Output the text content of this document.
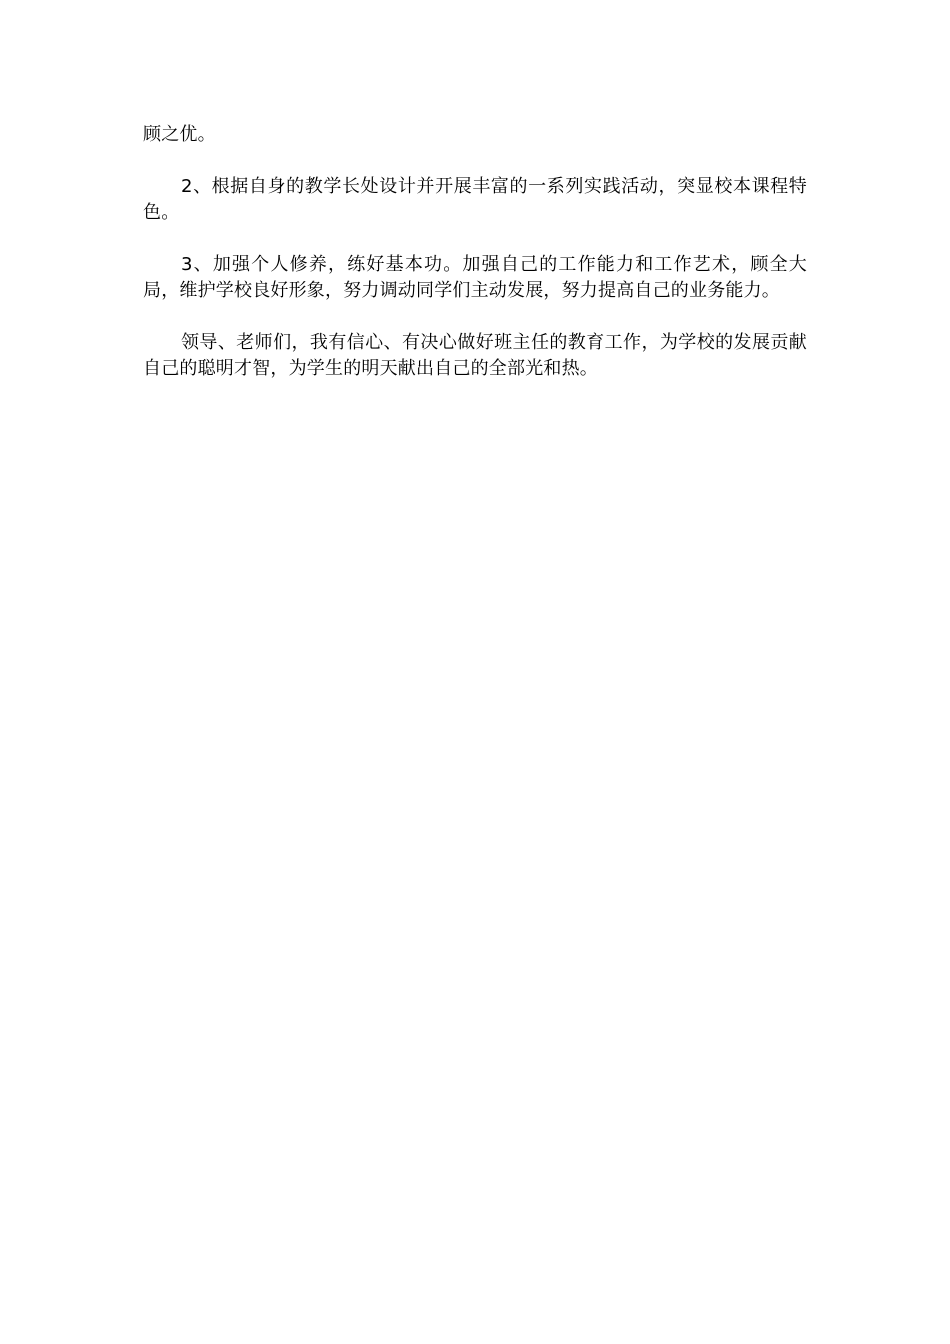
顾之优。

2、根据自身的教学长处设计并开展丰富的一系列实践活动，突显校本课程特色。

3、加强个人修养，练好基本功。加强自己的工作能力和工作艺术，顾全大局，维护学校良好形象，努力调动同学们主动发展，努力提高自己的业务能力。

领导、老师们，我有信心、有决心做好班主任的教育工作，为学校的发展贡献自己的聪明才智，为学生的明天献出自己的全部光和热。
